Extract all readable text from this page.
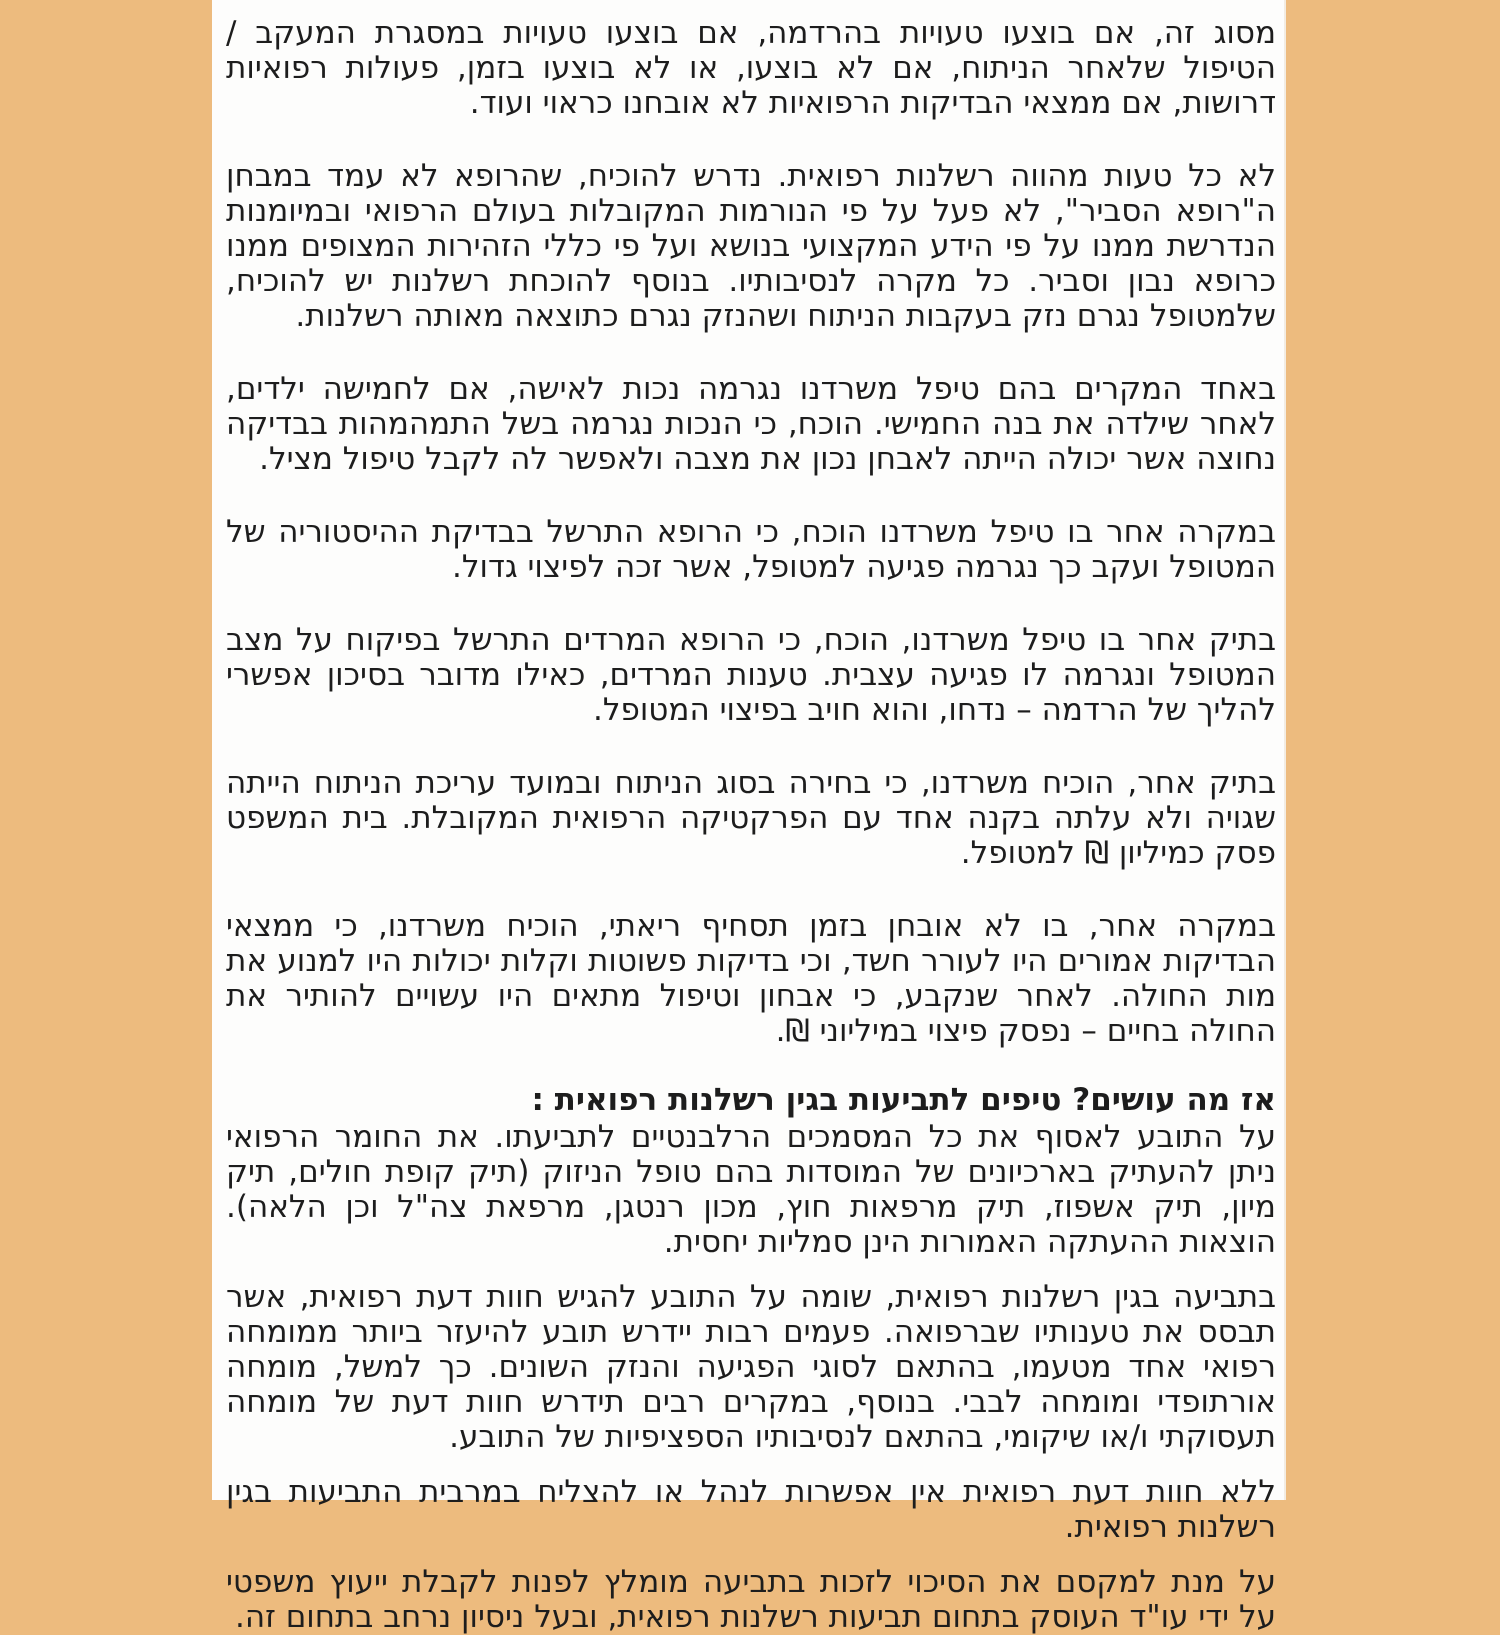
מסוג זה, אם בוצעו טעויות בהרדמה, אם בוצעו טעויות במסגרת המעקב / הטיפול שלאחר הניתוח, אם לא בוצעו, או לא בוצעו בזמן, פעולות רפואיות דרושות, אם ממצאי הבדיקות הרפואיות לא אובחנו כראוי ועוד.

לא כל טעות מהווה רשלנות רפואית. נדרש להוכיח, שהרופא לא עמד במבחן ה"רופא הסביר", לא פעל על פי הנורמות המקובלות בעולם הרפואי ובמיומנות הנדרשת ממנו על פי הידע המקצועי בנושא ועל פי כללי הזהירות המצופים ממנו כרופא נבון וסביר. כל מקרה לנסיבותיו. בנוסף להוכחת רשלנות יש להוכיח, שלמטופל נגרם נזק בעקבות הניתוח ושהנזק נגרם כתוצאה מאותה רשלנות.

באחד המקרים בהם טיפל משרדנו נגרמה נכות לאישה, אם לחמישה ילדים, לאחר שילדה את בנה החמישי. הוכח, כי הנכות נגרמה בשל התמהמהות בבדיקה נחוצה אשר יכולה הייתה לאבחן נכון את מצבה ולאפשר לה לקבל טיפול מציל.

במקרה אחר בו טיפל משרדנו הוכח, כי הרופא התרשל בבדיקת ההיסטוריה של המטופל ועקב כך נגרמה פגיעה למטופל, אשר זכה לפיצוי גדול.

בתיק אחר בו טיפל משרדנו, הוכח, כי הרופא המרדים התרשל בפיקוח על מצב המטופל ונגרמה לו פגיעה עצבית. טענות המרדים, כאילו מדובר בסיכון אפשרי להליך של הרדמה – נדחו, והוא חויב בפיצוי המטופל.

בתיק אחר, הוכיח משרדנו, כי בחירה בסוג הניתוח ובמועד עריכת הניתוח הייתה שגויה ולא עלתה בקנה אחד עם הפרקטיקה הרפואית המקובלת. בית המשפט פסק כמיליון ₪ למטופל.

במקרה אחר, בו לא אובחן בזמן תסחיף ריאתי, הוכיח משרדנו, כי ממצאי הבדיקות אמורים היו לעורר חשד, וכי בדיקות פשוטות וקלות יכולות היו למנוע את מות החולה. לאחר שנקבע, כי אבחון וטיפול מתאים היו עשויים להותיר את החולה בחיים – נפסק פיצוי במיליוני ₪.

אז מה עושים? טיפים לתביעות בגין רשלנות רפואית :

על התובע לאסוף את כל המסמכים הרלבנטיים לתביעתו. את החומר הרפואי ניתן להעתיק בארכיונים של המוסדות בהם טופל הניזוק (תיק קופת חולים, תיק מיון, תיק אשפוז, תיק מרפאות חוץ, מכון רנטגן, מרפאת צה"ל וכן הלאה). הוצאות ההעתקה האמורות הינן סמליות יחסית.

בתביעה בגין רשלנות רפואית, שומה על התובע להגיש חוות דעת רפואית, אשר תבסס את טענותיו שברפואה. פעמים רבות יידרש תובע להיעזר ביותר ממומחה רפואי אחד מטעמו, בהתאם לסוגי הפגיעה והנזק השונים. כך למשל, מומחה אורתופדי ומומחה לבבי. בנוסף, במקרים רבים תידרש חוות דעת של מומחה תעסוקתי ו/או שיקומי, בהתאם לנסיבותיו הספציפיות של התובע.

ללא חוות דעת רפואית אין אפשרות לנהל או להצליח במרבית התביעות בגין רשלנות רפואית.

על מנת למקסם את הסיכוי לזכות בתביעה מומלץ לפנות לקבלת ייעוץ משפטי על ידי עו"ד העוסק בתחום תביעות רשלנות רפואית, ובעל ניסיון נרחב בתחום זה.
